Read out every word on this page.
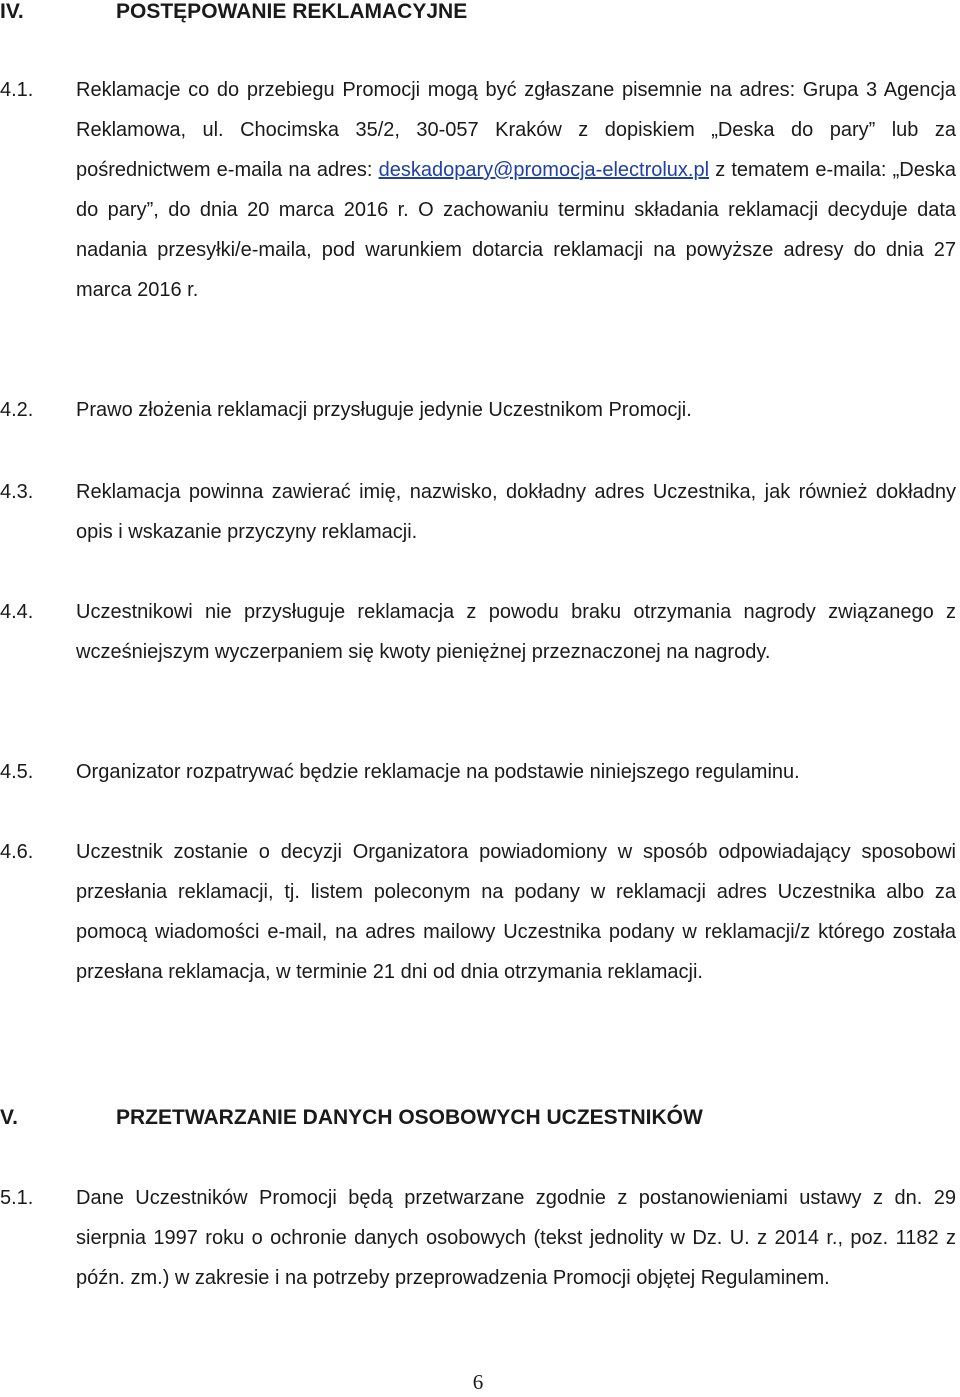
IV.	POSTĘPOWANIE REKLAMACYJNE
4.1. Reklamacje co do przebiegu Promocji mogą być zgłaszane pisemnie na adres: Grupa 3 Agencja Reklamowa, ul. Chocimska 35/2, 30-057 Kraków z dopiskiem „Deska do pary” lub za pośrednictwem e-maila na adres: deskadopary@promocja-electrolux.pl z tematem e-maila: „Deska do pary”, do dnia 20 marca 2016 r. O zachowaniu terminu składania reklamacji decyduje data nadania przesyłki/e-maila, pod warunkiem dotarcia reklamacji na powyższe adresy do dnia 27 marca 2016 r.
4.2. Prawo złożenia reklamacji przysługuje jedynie Uczestnikom Promocji.
4.3. Reklamacja powinna zawierać imię, nazwisko, dokładny adres Uczestnika, jak również dokładny opis i wskazanie przyczyny reklamacji.
4.4. Uczestnikowi nie przysługuje reklamacja z powodu braku otrzymania nagrody związanego z wcześniejszym wyczerpaniem się kwoty pieniężnej przeznaczonej na nagrody.
4.5. Organizator rozpatrywać będzie reklamacje na podstawie niniejszego regulaminu.
4.6. Uczestnik zostanie o decyzji Organizatora powiadomiony w sposób odpowiadający sposobowi przesłania reklamacji, tj. listem poleconym na podany w reklamacji adres Uczestnika albo za pomocą wiadomości e-mail, na adres mailowy Uczestnika podany w reklamacji/z którego została przesłana reklamacja, w terminie 21 dni od dnia otrzymania reklamacji.
V.	PRZETWARZANIE DANYCH OSOBOWYCH UCZESTNIKÓW
5.1. Dane Uczestników Promocji będą przetwarzane zgodnie z postanowieniami ustawy z dn. 29 sierpnia 1997 roku o ochronie danych osobowych (tekst jednolity w Dz. U. z 2014 r., poz. 1182 z późn. zm.) w zakresie i na potrzeby przeprowadzenia Promocji objętej Regulaminem.
6
